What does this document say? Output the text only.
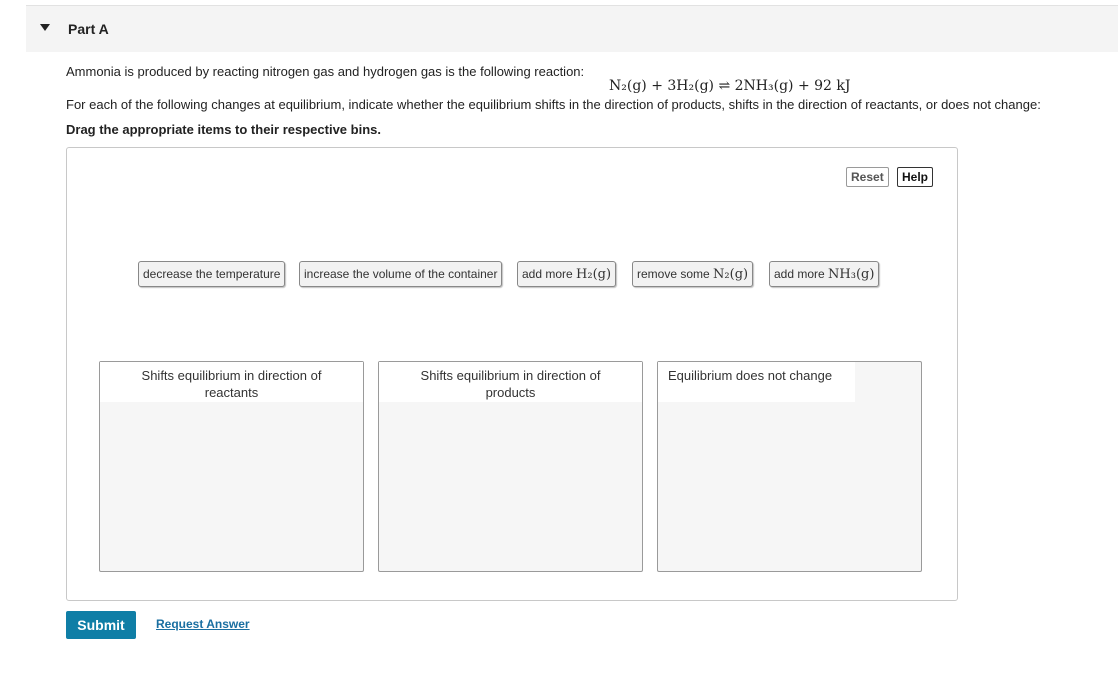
Part A
Ammonia is produced by reacting nitrogen gas and hydrogen gas is the following reaction:
N₂(g) + 3H₂(g) ⇌ 2NH₃(g) + 92 kJ
For each of the following changes at equilibrium, indicate whether the equilibrium shifts in the direction of products, shifts in the direction of reactants, or does not change:
Drag the appropriate items to their respective bins.
Reset	Help
decrease the temperature	increase the volume of the container	add more H₂(g)	remove some N₂(g)	add more NH₃(g)
Shifts equilibrium in direction of reactants
Shifts equilibrium in direction of products
Equilibrium does not change
Submit	Request Answer
